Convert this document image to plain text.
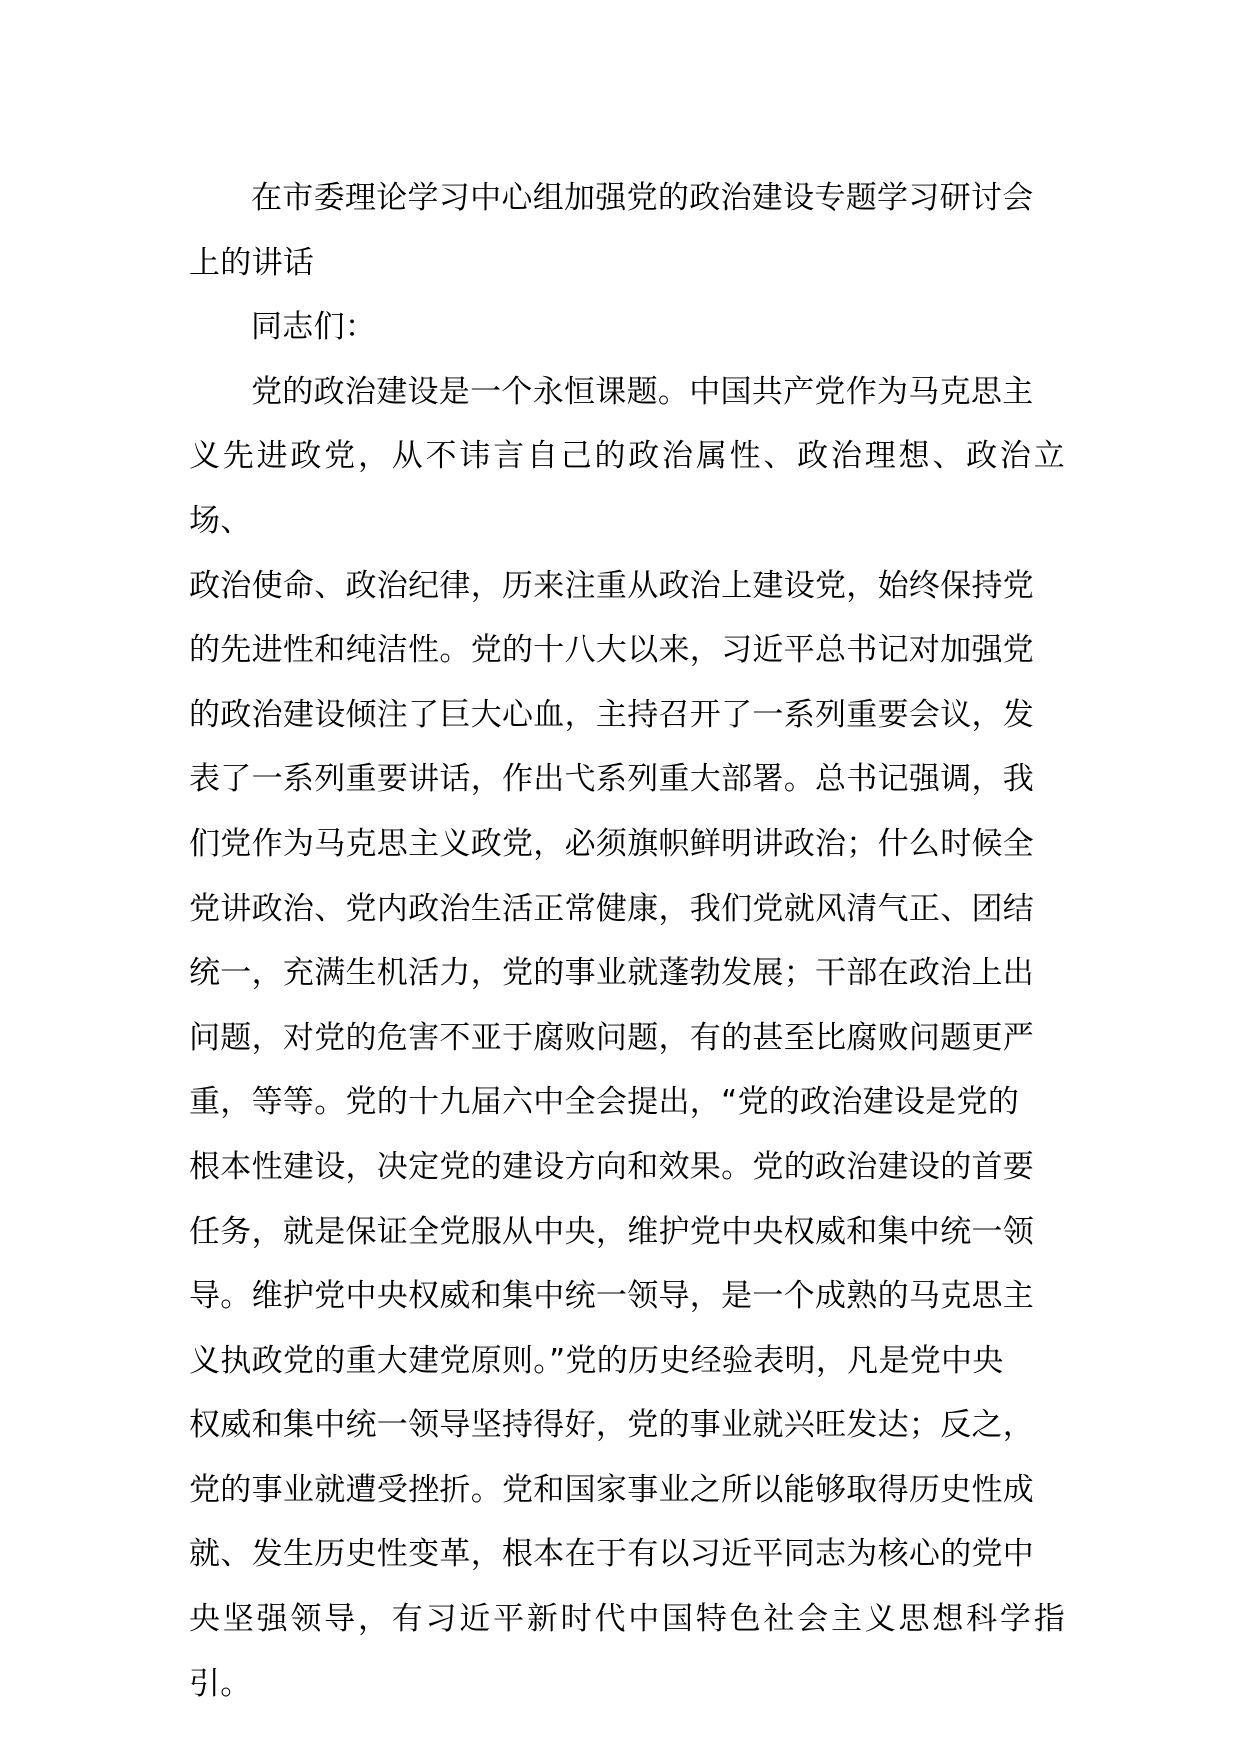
在市委理论学习中心组加强党的政治建设专题学习研讨会
上的讲话

同志们：

党的政治建设是一个永恒课题。中国共产党作为马克思主
义先进政党，从不讳言自己的政治属性、政治理想、政治立场、
政治使命、政治纪律，历来注重从政治上建设党，始终保持党
的先进性和纯洁性。党的十八大以来，习近平总书记对加强党
的政治建设倾注了巨大心血，主持召开了一系列重要会议，发
表了一系列重要讲话，作出弋系列重大部署。总书记强调，我
们党作为马克思主义政党，必须旗帜鲜明讲政治；什么时候全
党讲政治、党内政治生活正常健康，我们党就风清气正、团结
统一，充满生机活力，党的事业就蓬勃发展；干部在政治上出
问题，对党的危害不亚于腐败问题，有的甚至比腐败问题更严
重，等等。党的十九届六中全会提出，“党的政治建设是党的
根本性建设，决定党的建设方向和效果。党的政治建设的首要
任务，就是保证全党服从中央，维护党中央权威和集中统一领
导。维护党中央权威和集中统一领导，是一个成熟的马克思主
义执政党的重大建党原则。”党的历史经验表明，凡是党中央
权威和集中统一领导坚持得好，党的事业就兴旺发达；反之，
党的事业就遭受挫折。党和国家事业之所以能够取得历史性成
就、发生历史性变革，根本在于有以习近平同志为核心的党中
央坚强领导，有习近平新时代中国特色社会主义思想科学指引。
